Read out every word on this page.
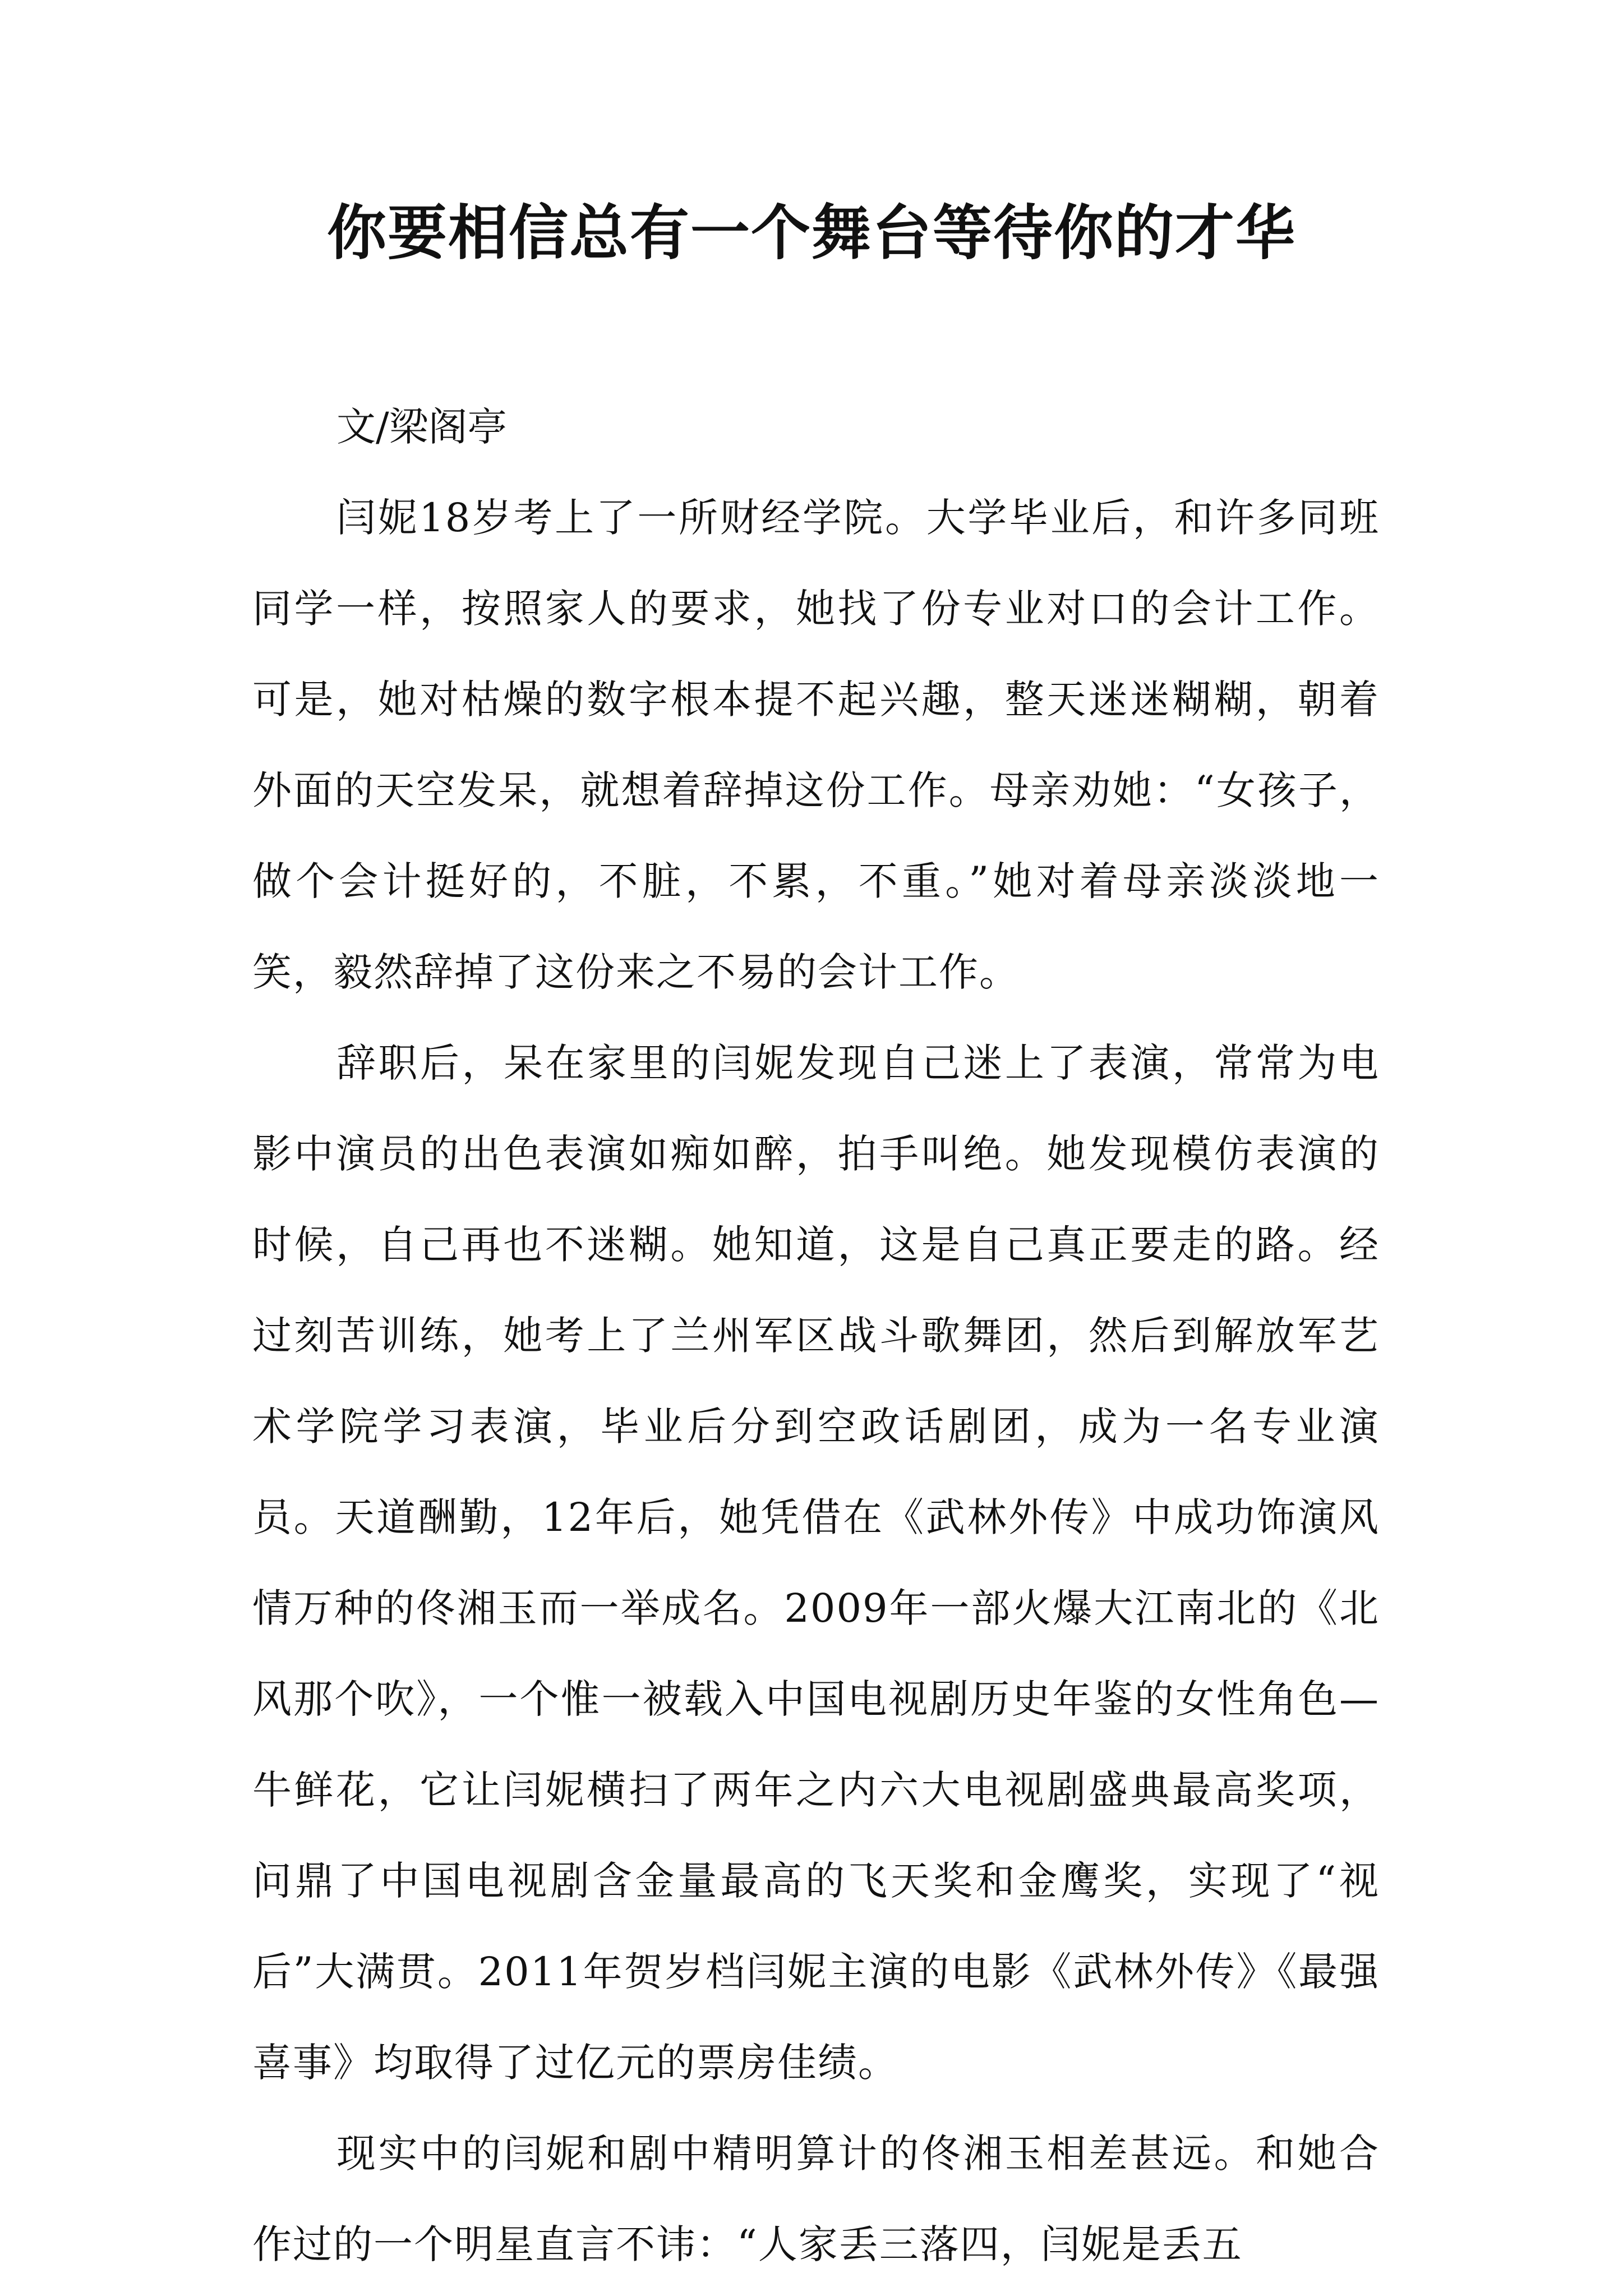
你要相信总有一个舞台等待你的才华

文/梁阁亭

闫妮18岁考上了一所财经学院。大学毕业后，和许多同班同学一样，按照家人的要求，她找了份专业对口的会计工作。可是，她对枯燥的数字根本提不起兴趣，整天迷迷糊糊，朝着外面的天空发呆，就想着辞掉这份工作。母亲劝她：“女孩子，做个会计挺好的，不脏，不累，不重。”她对着母亲淡淡地一笑，毅然辞掉了这份来之不易的会计工作。

辞职后，呆在家里的闫妮发现自己迷上了表演，常常为电影中演员的出色表演如痴如醉，拍手叫绝。她发现模仿表演的时候，自己再也不迷糊。她知道，这是自己真正要走的路。经过刻苦训练，她考上了兰州军区战斗歌舞团，然后到解放军艺术学院学习表演，毕业后分到空政话剧团，成为一名专业演员。天道酬勤，12年后，她凭借在《武林外传》中成功饰演风情万种的佟湘玉而一举成名。2009年一部火爆大江南北的《北风那个吹》，一个惟一被载入中国电视剧历史年鉴的女性角色—牛鲜花，它让闫妮横扫了两年之内六大电视剧盛典最高奖项，问鼎了中国电视剧含金量最高的飞天奖和金鹰奖，实现了“视后”大满贯。2011年贺岁档闫妮主演的电影《武林外传》《最强喜事》均取得了过亿元的票房佳绩。

现实中的闫妮和剧中精明算计的佟湘玉相差甚远。和她合作过的一个明星直言不讳：“人家丢三落四，闫妮是丢五
